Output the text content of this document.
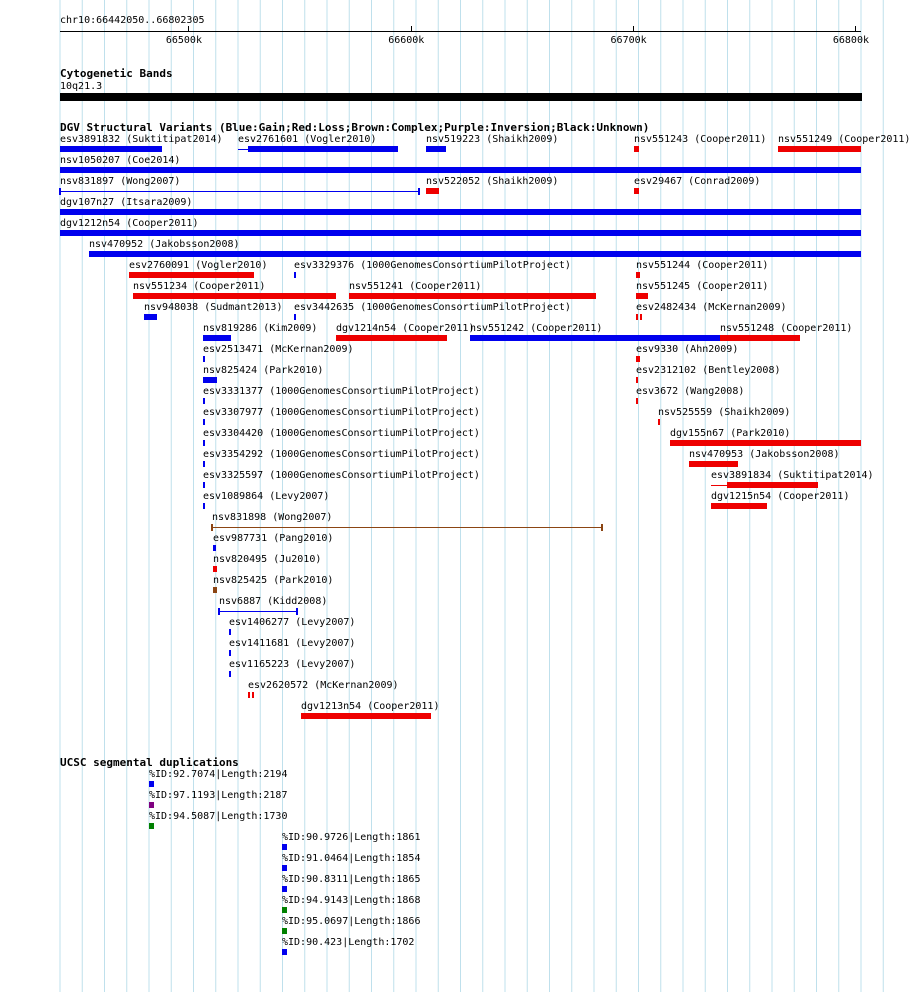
chr10:66442050..66802305
66500k	66600k	66700k	66800k
Cytogenetic Bands
10q21.3
DGV Structural Variants (Blue:Gain;Red:Loss;Brown:Complex;Purple:Inversion;Black:Unknown)
esv3891832 (Suktitipat2014) esv2761601 (Vogler2010)	nsv519223 (Shaikh2009)	nsv551243 (Cooper2011) nsv551249 (Cooper2011)
nsv1050207 (Coe2014)
nsv831897 (Wong2007)	nsv522052 (Shaikh2009)	esv29467 (Conrad2009)
dgv107n27 (Itsara2009)
dgv1212n54 (Cooper2011)
nsv470952 (Jakobsson2008)
esv2760091 (Vogler2010)	esv3329376 (1000GenomesConsortiumPilotProject)	nsv551244 (Cooper2011)
nsv551234 (Cooper2011)	nsv551241 (Cooper2011)	nsv551245 (Cooper2011)
nsv948038 (Sudmant2013) esv3442635 (1000GenomesConsortiumPilotProject)	esv2482434 (McKernan2009)
nsv819286 (Kim2009) dgv1214n54 (Cooper2011)
nsv551242 (Cooper2011)	nsv551248 (Cooper2011)
esv2513471 (McKernan2009)	esv9330 (Ahn2009)
nsv825424 (Park2010)	esv2312102 (Bentley2008)
esv3331377 (1000GenomesConsortiumPilotProject)	esv3672 (Wang2008)
esv3307977 (1000GenomesConsortiumPilotProject)	nsv525559 (Shaikh2009)
esv3304420 (1000GenomesConsortiumPilotProject)	dgv155n67 (Park2010)
esv3354292 (1000GenomesConsortiumPilotProject)	nsv470953 (Jakobsson2008)
esv3325597 (1000GenomesConsortiumPilotProject)	esv3891834 (Suktitipat2014)
esv1089864 (Levy2007)	dgv1215n54 (Cooper2011)
nsv831898 (Wong2007)
esv987731 (Pang2010)
nsv820495 (Ju2010)
nsv825425 (Park2010)
nsv6887 (Kidd2008)
esv1406277 (Levy2007)
esv1411681 (Levy2007)
esv1165223 (Levy2007)
esv2620572 (McKernan2009)
dgv1213n54 (Cooper2011)
UCSC segmental duplications
%ID:92.7074|Length:2194
%ID:97.1193|Length:2187
%ID:94.5087|Length:1730
%ID:90.9726|Length:1861
%ID:91.0464|Length:1854
%ID:90.8311|Length:1865
%ID:94.9143|Length:1868
%ID:95.0697|Length:1866
%ID:90.423|Length:1702
